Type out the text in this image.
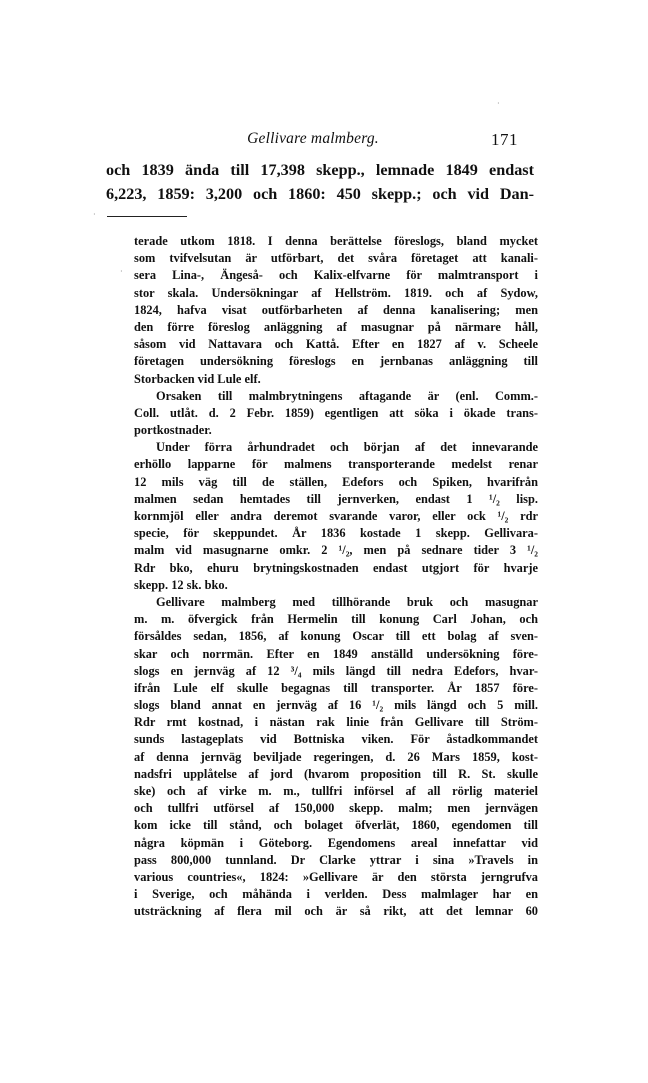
·
·
·
Gellivare malmberg.	171
och 1839 ända till 17,398 skepp., lemnade 1849 endast
6,223, 1859: 3,200 och 1860: 450 skepp.; och vid Dan-
terade utkom 1818. I denna berättelse föreslogs, bland mycket
som tvifvelsutan är utförbart, det svåra företaget att kanali-
sera Lina-, Ängeså- och Kalix-elfvarne för malmtransport i
stor skala. Undersökningar af Hellström. 1819. och af Sydow,
1824, hafva visat outförbarheten af denna kanalisering; men
den förre föreslog anläggning af masugnar på närmare håll,
såsom vid Nattavara och Kattå. Efter en 1827 af v. Scheele
företagen undersökning föreslogs en jernbanas anläggning till
Storbacken vid Lule elf.
Orsaken till malmbrytningens aftagande är (enl. Comm.-
Coll. utlåt. d. 2 Febr. 1859) egentligen att söka i ökade trans-
portkostnader.
Under förra århundradet och början af det innevarande
erhöllo lapparne för malmens transporterande medelst renar
12 mils väg till de ställen, Edefors och Spiken, hvarifrån
malmen sedan hemtades till jernverken, endast 1 ¹/₂ lisp.
kornmjöl eller andra deremot svarande varor, eller ock ¹/₂ rdr
specie, för skeppundet. År 1836 kostade 1 skepp. Gellivara-
malm vid masugnarne omkr. 2 ¹/₂, men på sednare tider 3 ¹/₂
Rdr bko, ehuru brytningskostnaden endast utgjort för hvarje
skepp. 12 sk. bko.
Gellivare malmberg med tillhörande bruk och masugnar
m. m. öfvergick från Hermelin till konung Carl Johan, och
försåldes sedan, 1856, af konung Oscar till ett bolag af sven-
skar och norrmän. Efter en 1849 anställd undersökning före-
slogs en jernväg af 12 ³/₄ mils längd till nedra Edefors, hvar-
ifrån Lule elf skulle begagnas till transporter. År 1857 före-
slogs bland annat en jernväg af 16 ¹/₂ mils längd och 5 mill.
Rdr rmt kostnad, i nästan rak linie från Gellivare till Ström-
sunds lastageplats vid Bottniska viken. För åstadkommandet
af denna jernväg beviljade regeringen, d. 26 Mars 1859, kost-
nadsfri upplåtelse af jord (hvarom proposition till R. St. skulle
ske) och af virke m. m., tullfri införsel af all rörlig materiel
och tullfri utförsel af 150,000 skepp. malm; men jernvägen
kom icke till stånd, och bolaget öfverlät, 1860, egendomen till
några köpmän i Göteborg. Egendomens areal innefattar vid
pass 800,000 tunnland. Dr Clarke yttrar i sina »Travels in
various countries«, 1824: »Gellivare är den största jerngrufva
i Sverige, och måhända i verlden. Dess malmlager har en
utsträckning af flera mil och är så rikt, att det lemnar 60
